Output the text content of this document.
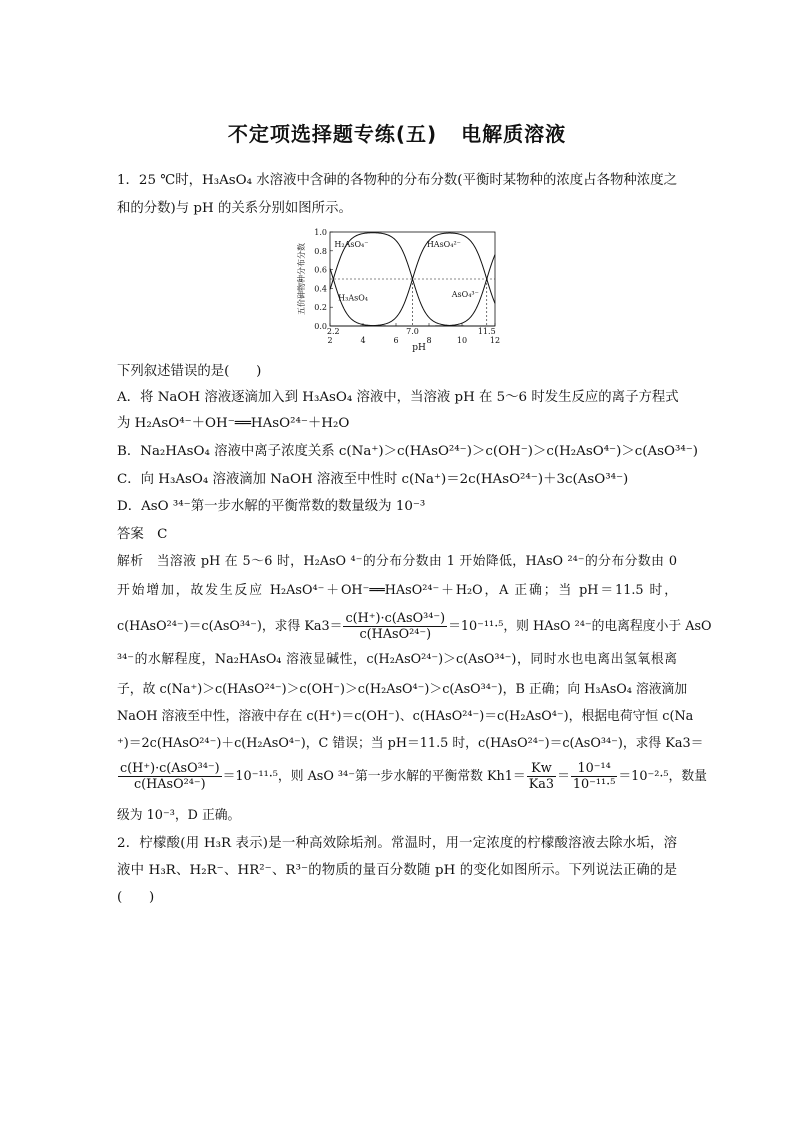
不定项选择题专练(五) 电解质溶液
1．25 ℃时，H₃AsO₄ 水溶液中含砷的各物种的分布分数(平衡时某物种的浓度占各物种浓度之
和的分数)与 pH 的关系分别如图所示。
0.0
0.2
0.4
0.6
0.8
1.0
2	4	6	8	10	12
2.2	7.0	11.5
H₃AsO₄
H₂AsO₄⁻	HAsO₄²⁻
AsO₄³⁻
pH
五价砷物种分布分数
下列叙述错误的是(　　)
A．将 NaOH 溶液逐滴加入到 H₃AsO₄ 溶液中，当溶液 pH 在 5～6 时发生反应的离子方程式
为 H₂AsO⁴⁻＋OH⁻══HAsO²⁴⁻＋H₂O
B．Na₂HAsO₄ 溶液中离子浓度关系 c(Na⁺)＞c(HAsO²⁴⁻)＞c(OH⁻)＞c(H₂AsO⁴⁻)＞c(AsO³⁴⁻)
C．向 H₃AsO₄ 溶液滴加 NaOH 溶液至中性时 c(Na⁺)＝2c(HAsO²⁴⁻)＋3c(AsO³⁴⁻)
D．AsO ³⁴⁻第一步水解的平衡常数的数量级为 10⁻³
答案　C
解析　当溶液 pH 在 5～6 时，H₂AsO ⁴⁻的分布分数由 1 开始降低，HAsO ²⁴⁻的分布分数由 0
开始增加，故发生反应 H₂AsO⁴⁻＋OH⁻══HAsO²⁴⁻＋H₂O，A 正确；当 pH＝11.5 时，
c(HAsO²⁴⁻)＝c(AsO³⁴⁻)，求得 $Ka3= \frac{\text{c(H⁺)·c(AsO³⁴⁻)}}{\text{c(HAsO²⁴⁻)}} =10^{-11}\cdot^5$，则 HAsO ²⁴⁻的电离程度小于 AsO
³⁴⁻的水解程度，Na₂HAsO₄ 溶液显碱性，c(H₂AsO²⁴⁻)＞c(AsO³⁴⁻)，同时水也电离出氢氧根离
子，故 c(Na⁺)＞c(HAsO²⁴⁻)＞c(OH⁻)＞c(H₂AsO⁴⁻)＞c(AsO³⁴⁻)，B 正确；向 H₃AsO₄ 溶液滴加
NaOH 溶液至中性，溶液中存在 c(H⁺)＝c(OH⁻)、c(HAsO²⁴⁻)＝c(H₂AsO⁴⁻)，根据电荷守恒 c(Na
⁺)＝2c(HAsO²⁴⁻)＋c(H₂AsO⁴⁻)，C 错误；当 pH＝11.5 时，c(HAsO²⁴⁻)＝c(AsO³⁴⁻)，求得 Ka3＝
$\frac{\text{c(H⁺)·c(AsO³⁴⁻)}}{\text{c(HAsO²⁴⁻)}} =10^{-11}\cdot^5$，则 AsO ³⁴⁻第一步水解的平衡常数 $Kh1= \frac{Kw}{Ka3} = \frac{\text{10⁻¹⁴}}{\text{10⁻¹¹·⁵}} =10^{-2}\cdot^5$，数量
级为 10⁻³，D 正确。
2．柠檬酸(用 H₃R 表示)是一种高效除垢剂。常温时，用一定浓度的柠檬酸溶液去除水垢，溶
液中 H₃R、H₂R⁻、HR²⁻、R³⁻的物质的量百分数随 pH 的变化如图所示。下列说法正确的是
(　　)
